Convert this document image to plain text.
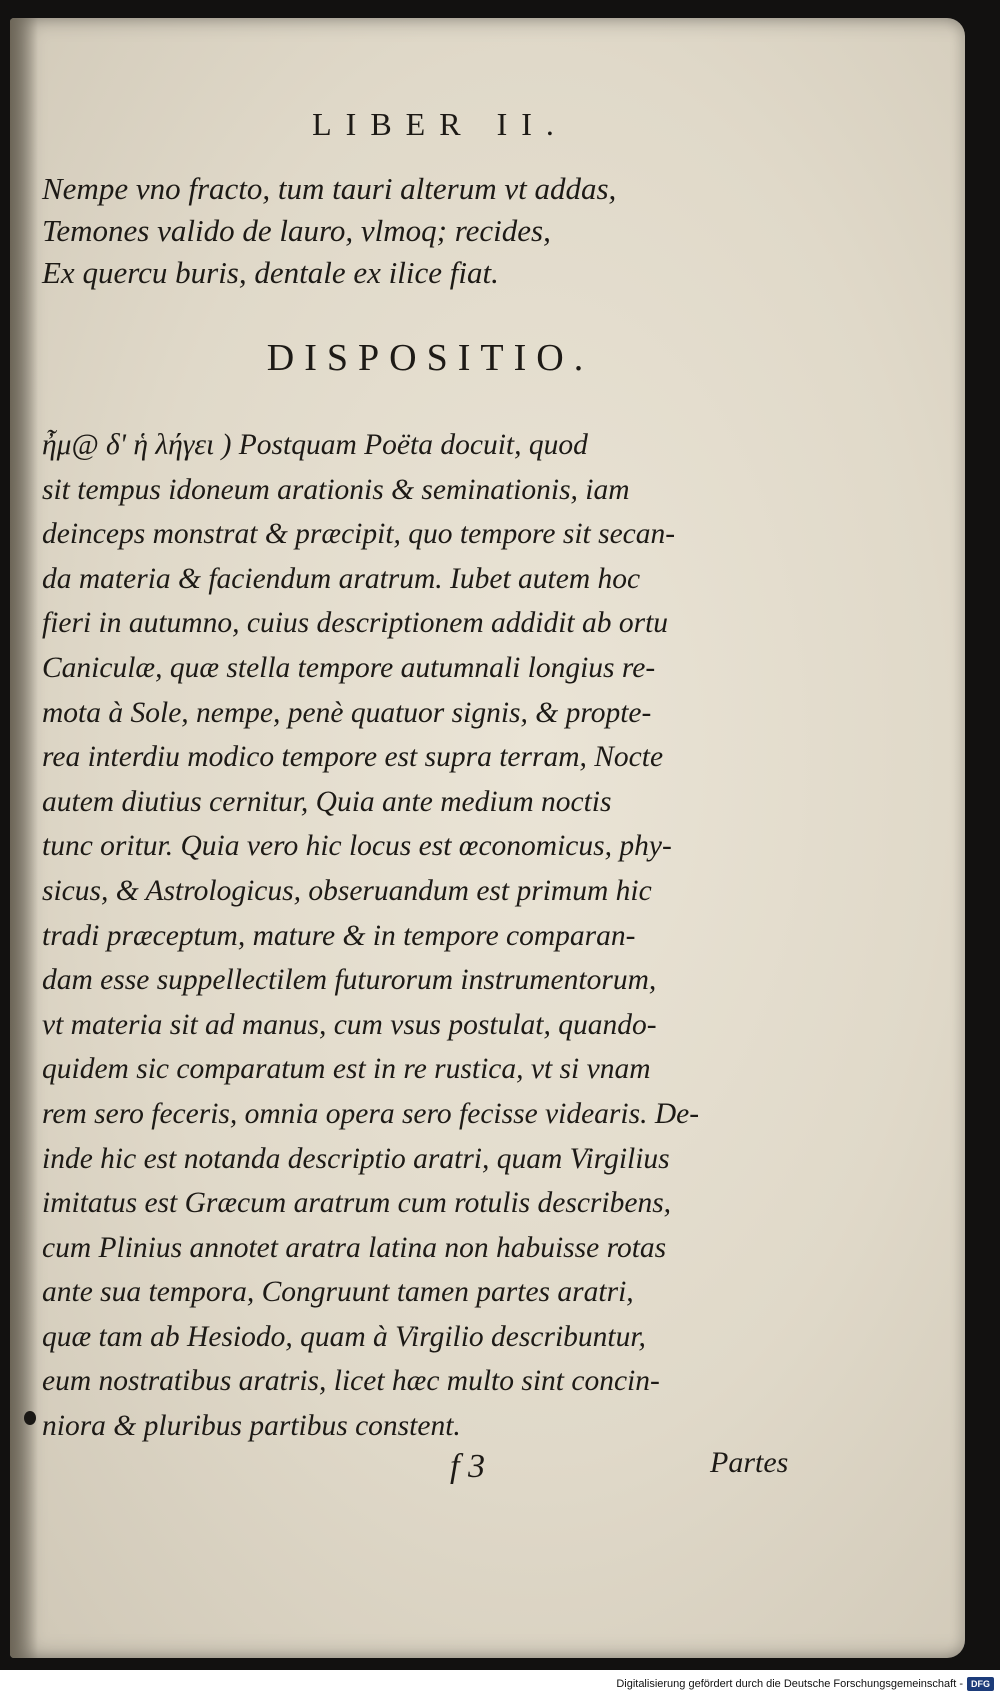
LIBER II.
Nempe vno fracto, tum tauri alterum vt addas,
Temones valido de lauro, vlmoq; recides,
Ex quercu buris, dentale ex ilice fiat.
DISPOSITIO.
ἦμ@ δ' ἡ λήγει ) Postquam Poëta docuit, quod
sit tempus idoneum arationis & seminationis, iam
deinceps monstrat & præcipit, quo tempore sit secan-
da materia & faciendum aratrum. Iubet autem hoc
fieri in autumno, cuius descriptionem addidit ab ortu
Caniculæ, quæ stella tempore autumnali longius re-
mota à Sole, nempe, penè quatuor signis, & propte-
rea interdiu modico tempore est supra terram, Nocte
autem diutius cernitur, Quia ante medium noctis
tunc oritur. Quia vero hic locus est œconomicus, phy-
sicus, & Astrologicus, obseruandum est primum hic
tradi præceptum, mature & in tempore comparan-
dam esse suppellectilem futurorum instrumentorum,
vt materia sit ad manus, cum vsus postulat, quando-
quidem sic comparatum est in re rustica, vt si vnam
rem sero feceris, omnia opera sero fecisse videaris. De-
inde hic est notanda descriptio aratri, quam Virgilius
imitatus est Græcum aratrum cum rotulis describens,
cum Plinius annotet aratra latina non habuisse rotas
ante sua tempora, Congruunt tamen partes aratri,
quæ tam ab Hesiodo, quam à Virgilio describuntur,
eum nostratibus aratris, licet hæc multo sint concin-
niora & pluribus partibus constent.
f 3	Partes
Digitalisierung gefördert durch die Deutsche Forschungsgemeinschaft - DFG
